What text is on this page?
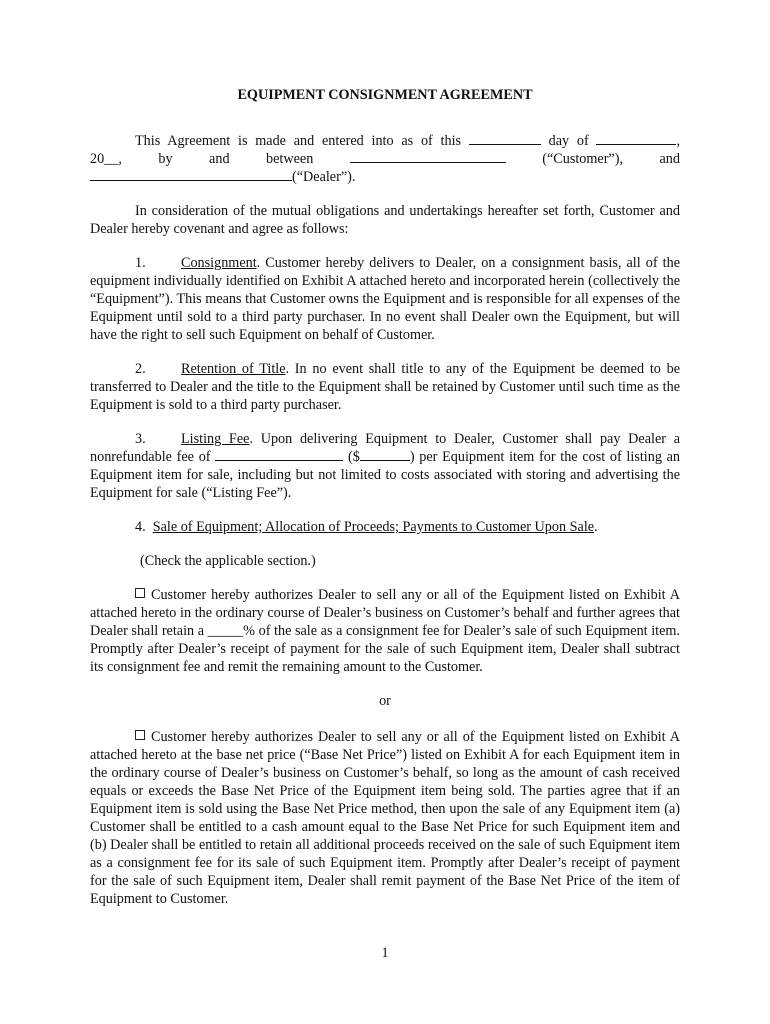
EQUIPMENT CONSIGNMENT AGREEMENT

This Agreement is made and entered into as of this	day of	,

20__,	by	and	between	(“Customer”),	and

(“Dealer”).

In consideration of the mutual obligations and undertakings hereafter set forth, Customer and Dealer hereby covenant and agree as follows:

1. Consignment. Customer hereby delivers to Dealer, on a consignment basis, all of the equipment individually identified on Exhibit A attached hereto and incorporated herein (collectively the “Equipment”). This means that Customer owns the Equipment and is responsible for all expenses of the Equipment until sold to a third party purchaser. In no event shall Dealer own the Equipment, but will have the right to sell such Equipment on behalf of Customer.

2. Retention of Title. In no event shall title to any of the Equipment be deemed to be transferred to Dealer and the title to the Equipment shall be retained by Customer until such time as the Equipment is sold to a third party purchaser.

3. Listing Fee. Upon delivering Equipment to Dealer, Customer shall pay Dealer a nonrefundable fee of	($	) per Equipment item for the cost of listing an Equipment item for sale, including but not limited to costs associated with storing and advertising the Equipment for sale (“Listing Fee”).

4. Sale of Equipment; Allocation of Proceeds; Payments to Customer Upon Sale.

(Check the applicable section.)

Customer hereby authorizes Dealer to sell any or all of the Equipment listed on Exhibit A attached hereto in the ordinary course of Dealer’s business on Customer’s behalf and further agrees that Dealer shall retain a _____% of the sale as a consignment fee for Dealer’s sale of such Equipment item. Promptly after Dealer’s receipt of payment for the sale of such Equipment item, Dealer shall subtract its consignment fee and remit the remaining amount to the Customer.

or

Customer hereby authorizes Dealer to sell any or all of the Equipment listed on Exhibit A attached hereto at the base net price (“Base Net Price”) listed on Exhibit A for each Equipment item in the ordinary course of Dealer’s business on Customer’s behalf, so long as the amount of cash received equals or exceeds the Base Net Price of the Equipment item being sold. The parties agree that if an Equipment item is sold using the Base Net Price method, then upon the sale of any Equipment item (a) Customer shall be entitled to a cash amount equal to the Base Net Price for such Equipment item and (b) Dealer shall be entitled to retain all additional proceeds received on the sale of such Equipment item as a consignment fee for its sale of such Equipment item. Promptly after Dealer’s receipt of payment for the sale of such Equipment item, Dealer shall remit payment of the Base Net Price of the item of Equipment to Customer.

1
